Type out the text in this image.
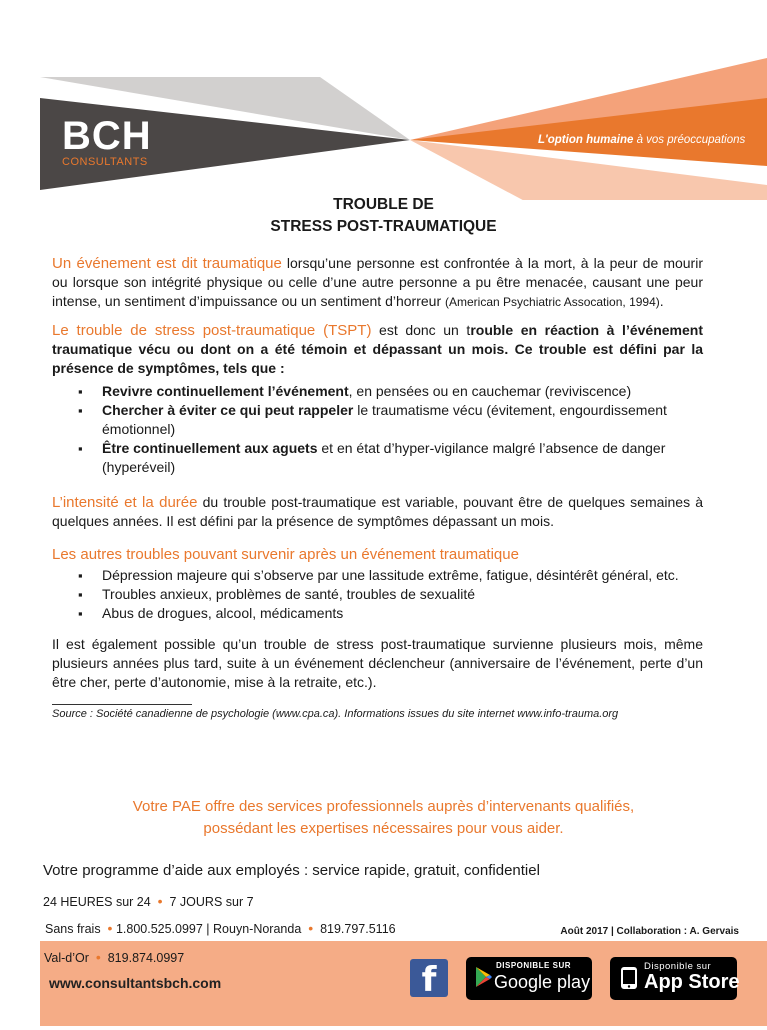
BCH
CONSULTANTS
L'option humaine à vos préoccupations
TROUBLE DE
STRESS POST-TRAUMATIQUE

Un événement est dit traumatique lorsqu’une personne est confrontée à la mort, à la peur de mourir ou lorsque son intégrité physique ou celle d’une autre personne a pu être menacée, causant une peur intense, un sentiment d’impuissance ou un sentiment d’horreur (American Psychiatric Assocation, 1994).

Le trouble de stress post-traumatique (TSPT) est donc un trouble en réaction à l’événement traumatique vécu ou dont on a été témoin et dépassant un mois. Ce trouble est défini par la présence de symptômes, tels que :

▪ Revivre continuellement l’événement, en pensées ou en cauchemar (reviviscence)
▪ Chercher à éviter ce qui peut rappeler le traumatisme vécu (évitement, engourdissement émotionnel)
▪ Être continuellement aux aguets et en état d’hyper-vigilance malgré l’absence de danger (hyperéveil)

L’intensité et la durée du trouble post-traumatique est variable, pouvant être de quelques semaines à quelques années. Il est défini par la présence de symptômes dépassant un mois.

Les autres troubles pouvant survenir après un événement traumatique
▪ Dépression majeure qui s’observe par une lassitude extrême, fatigue, désintérêt général, etc.
▪ Troubles anxieux, problèmes de santé, troubles de sexualité
▪ Abus de drogues, alcool, médicaments

Il est également possible qu’un trouble de stress post-traumatique survienne plusieurs mois, même plusieurs années plus tard, suite à un événement déclencheur (anniversaire de l’événement, perte d’un être cher, perte d’autonomie, mise à la retraite, etc.).

Source : Société canadienne de psychologie (www.cpa.ca). Informations issues du site internet www.info-trauma.org
Votre PAE offre des services professionnels auprès d’intervenants qualifiés,
possédant les expertises nécessaires pour vous aider.
Votre programme d’aide aux employés : service rapide, gratuit, confidentiel
24 HEURES sur 24 • 7 JOURS sur 7
Sans frais • 1.800.525.0997 | Rouyn-Noranda • 819.797.5116	Août 2017 | Collaboration : A. Gervais
Val-d’Or • 819.874.0997
www.consultantsbch.com	f	DISPONIBLE SUR
Google play
Disponible sur
App Store
